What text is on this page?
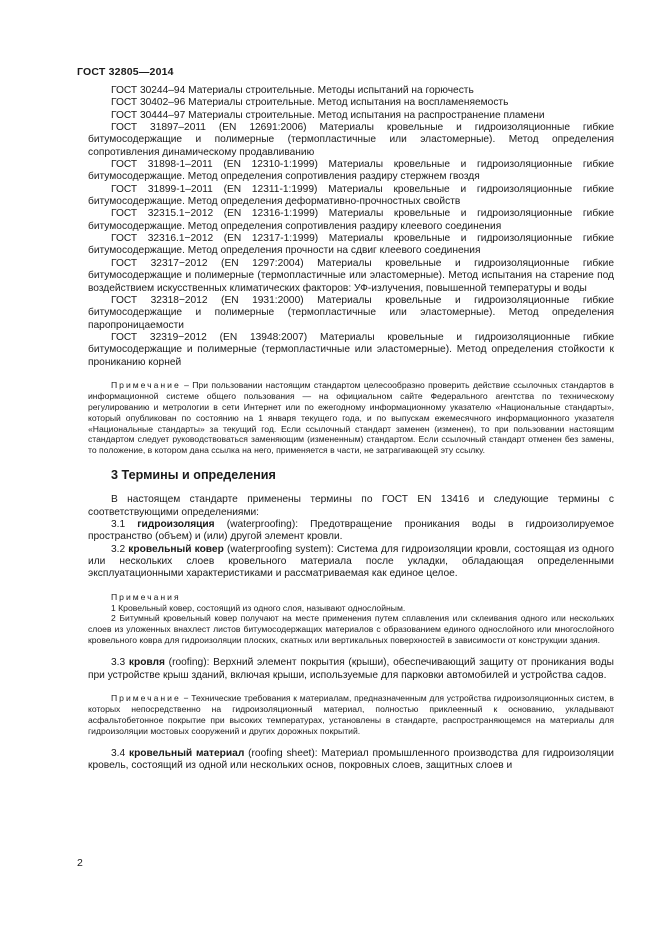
ГОСТ 32805—2014

ГОСТ 30244–94 Материалы строительные. Методы испытаний на горючесть

ГОСТ 30402–96 Материалы строительные. Метод испытания на воспламеняемость

ГОСТ 30444–97 Материалы строительные. Метод испытания на распространение пламени

ГОСТ 31897–2011 (EN 12691:2006) Материалы кровельные и гидроизоляционные гибкие битумосодержащие и полимерные (термопластичные или эластомерные). Метод определения сопротивления динамическому продавливанию

ГОСТ 31898-1–2011 (EN 12310-1:1999) Материалы кровельные и гидроизоляционные гибкие битумосодержащие. Метод определения сопротивления раздиру стержнем гвоздя

ГОСТ 31899-1–2011 (EN 12311-1:1999) Материалы кровельные и гидроизоляционные гибкие битумосодержащие. Метод определения деформативно-прочностных свойств

ГОСТ 32315.1−2012 (EN 12316-1:1999) Материалы кровельные и гидроизоляционные гибкие битумосодержащие. Метод определения сопротивления раздиру клеевого соединения

ГОСТ 32316.1−2012 (EN 12317-1:1999) Материалы кровельные и гидроизоляционные гибкие битумосодержащие. Метод определения прочности на сдвиг клеевого соединения

ГОСТ 32317−2012 (EN 1297:2004) Материалы кровельные и гидроизоляционные гибкие битумосодержащие и полимерные (термопластичные или эластомерные). Метод испытания на старение под воздействием искусственных климатических факторов: УФ-излучения, повышенной температуры и воды

ГОСТ 32318−2012 (EN 1931:2000) Материалы кровельные и гидроизоляционные гибкие битумосодержащие и полимерные (термопластичные или эластомерные). Метод определения паропроницаемости

ГОСТ 32319−2012 (EN 13948:2007) Материалы кровельные и гидроизоляционные гибкие битумосодержащие и полимерные (термопластичные или эластомерные). Метод определения стойкости к прониканию корней

Примечание – При пользовании настоящим стандартом целесообразно проверить действие ссылочных стандартов в информационной системе общего пользования — на официальном сайте Федерального агентства по техническому регулированию и метрологии в сети Интернет или по ежегодному информационному указателю «Национальные стандарты», который опубликован по состоянию на 1 января текущего года, и по выпускам ежемесячного информационного указателя «Национальные стандарты» за текущий год. Если ссылочный стандарт заменен (изменен), то при пользовании настоящим стандартом следует руководствоваться заменяющим (измененным) стандартом. Если ссылочный стандарт отменен без замены, то положение, в котором дана ссылка на него, применяется в части, не затрагивающей эту ссылку.

3 Термины и определения

В настоящем стандарте применены термины по ГОСТ EN 13416 и следующие термины с соответствующими определениями:

3.1 гидроизоляция (waterproofing): Предотвращение проникания воды в гидроизолируемое пространство (объем) и (или) другой элемент кровли.

3.2 кровельный ковер (waterproofing system): Система для гидроизоляции кровли, состоящая из одного или нескольких слоев кровельного материала после укладки, обладающая определенными эксплуатационными характеристиками и рассматриваемая как единое целое.

Примечания

1 Кровельный ковер, состоящий из одного слоя, называют однослойным.

2 Битумный кровельный ковер получают на месте применения путем сплавления или склеивания одного или нескольких слоев из уложенных внахлест листов битумосодержащих материалов с образованием единого однослойного или многослойного кровельного ковра для гидроизоляции плоских, скатных или вертикальных поверхностей в зависимости от конструкции здания.

3.3 кровля (roofing): Верхний элемент покрытия (крыши), обеспечивающий защиту от проникания воды при устройстве крыш зданий, включая крыши, используемые для парковки автомобилей и устройства садов.

Примечание − Технические требования к материалам, предназначенным для устройства гидроизоляционных систем, в которых непосредственно на гидроизоляционный материал, полностью приклеенный к основанию, укладывают асфальтобетонное покрытие при высоких температурах, установлены в стандарте, распространяющемся на материалы для гидроизоляции мостовых сооружений и других дорожных покрытий.

3.4 кровельный материал (roofing sheet): Материал промышленного производства для гидроизоляции кровель, состоящий из одной или нескольких основ, покровных слоев, защитных слоев и

2
